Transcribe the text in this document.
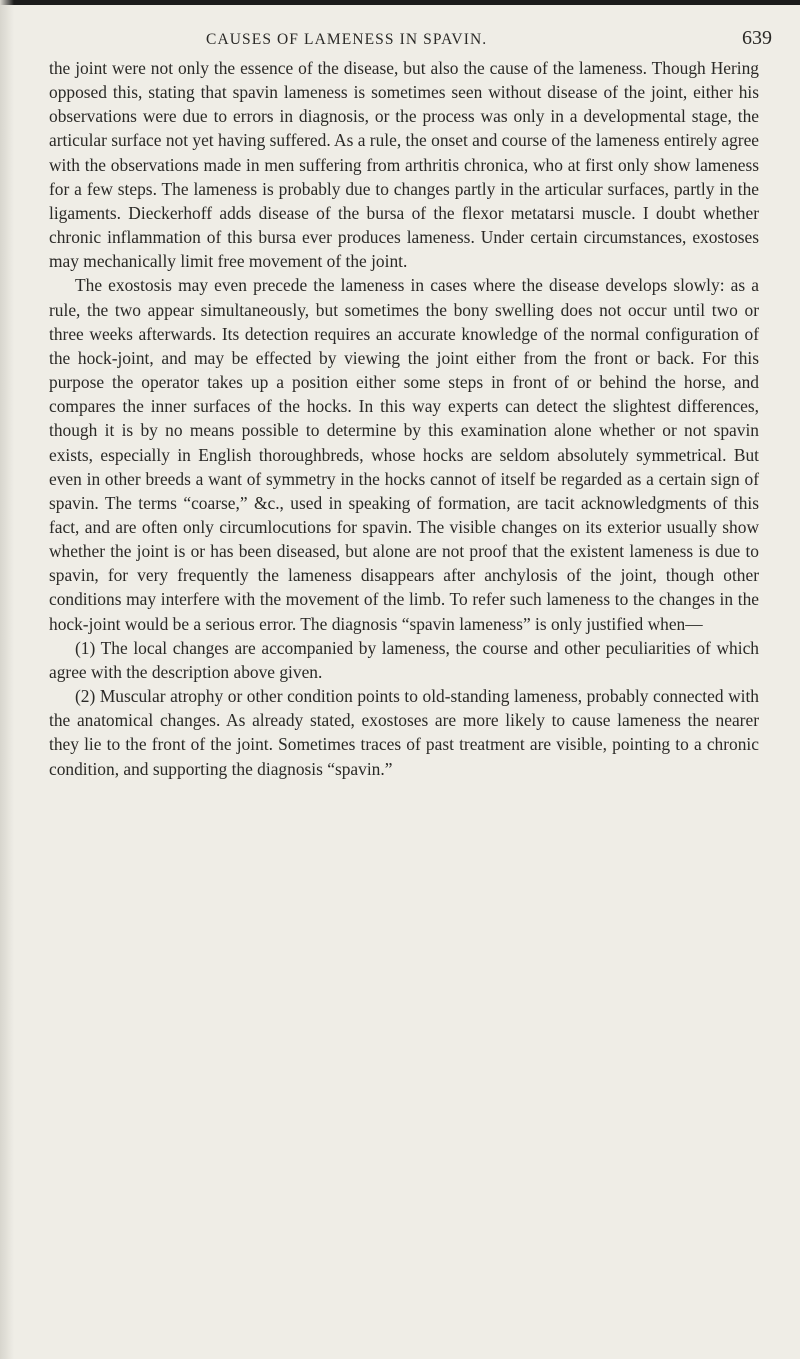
CAUSES OF LAMENESS IN SPAVIN.	639

the joint were not only the essence of the disease, but also the cause of the lameness. Though Hering opposed this, stating that spavin lameness is sometimes seen without disease of the joint, either his observations were due to errors in diagnosis, or the process was only in a developmental stage, the articular surface not yet having suffered. As a rule, the onset and course of the lameness entirely agree with the observations made in men suffering from arthritis chronica, who at first only show lameness for a few steps. The lameness is probably due to changes partly in the articular surfaces, partly in the ligaments. Dieckerhoff adds disease of the bursa of the flexor metatarsi muscle. I doubt whether chronic inflammation of this bursa ever produces lameness. Under certain circumstances, exostoses may mechanically limit free movement of the joint.

The exostosis may even precede the lameness in cases where the disease develops slowly: as a rule, the two appear simultaneously, but sometimes the bony swelling does not occur until two or three weeks afterwards. Its detection requires an accurate knowledge of the normal configuration of the hock-joint, and may be effected by viewing the joint either from the front or back. For this purpose the operator takes up a position either some steps in front of or behind the horse, and compares the inner surfaces of the hocks. In this way experts can detect the slightest differences, though it is by no means possible to determine by this examination alone whether or not spavin exists, especially in English thoroughbreds, whose hocks are seldom absolutely symmetrical. But even in other breeds a want of symmetry in the hocks cannot of itself be regarded as a certain sign of spavin. The terms “coarse,” &c., used in speaking of formation, are tacit acknowledgments of this fact, and are often only circumlocutions for spavin. The visible changes on its exterior usually show whether the joint is or has been diseased, but alone are not proof that the existent lameness is due to spavin, for very frequently the lameness disappears after anchylosis of the joint, though other conditions may interfere with the movement of the limb. To refer such lameness to the changes in the hock-joint would be a serious error. The diagnosis “spavin lameness” is only justified when—

(1) The local changes are accompanied by lameness, the course and other peculiarities of which agree with the description above given.

(2) Muscular atrophy or other condition points to old-standing lameness, probably connected with the anatomical changes. As already stated, exostoses are more likely to cause lameness the nearer they lie to the front of the joint. Sometimes traces of past treatment are visible, pointing to a chronic condition, and supporting the diagnosis “spavin.”
